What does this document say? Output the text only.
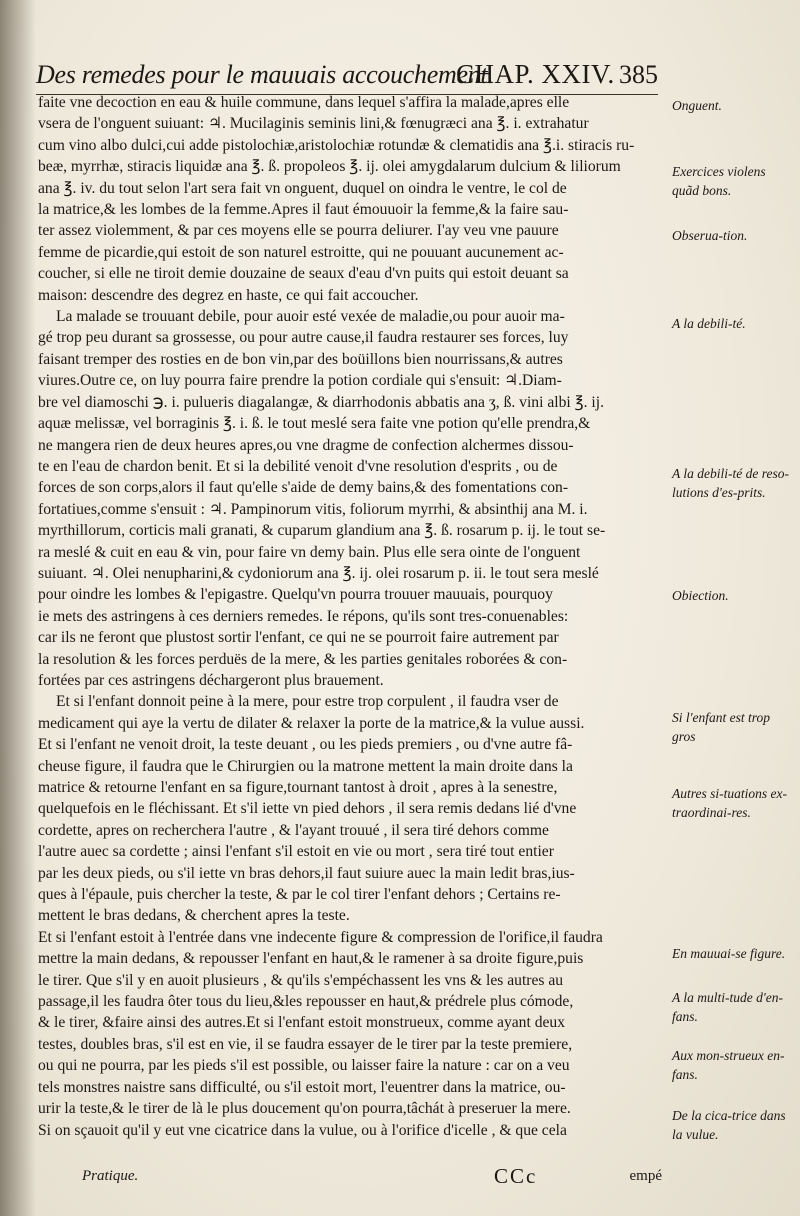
Des remedes pour le mauuais accouchement.
CHAP. XXIV. 385
faite vne decoction en eau & huile commune, dans lequel s'affira la malade,apres elle
vsera de l'onguent suiuant: ♃. Mucilaginis seminis lini,& fœnugræci ana ℥. i. extrahatur
cum vino albo dulci,cui adde pistolochiæ,aristolochiæ rotundæ & clematidis ana ℥.i. stiracis ru-
beæ, myrrhæ, stiracis liquidæ ana ℥. ß. propoleos ℥. ij. olei amygdalarum dulcium & liliorum
ana ℥. iv. du tout selon l'art sera fait vn onguent, duquel on oindra le ventre, le col de
la matrice,& les lombes de la femme.Apres il faut émouuoir la femme,& la faire sau-
ter assez violemment, & par ces moyens elle se pourra deliurer. I'ay veu vne pauure
femme de picardie,qui estoit de son naturel estroitte, qui ne pouuant aucunement ac-
coucher, si elle ne tiroit demie douzaine de seaux d'eau d'vn puits qui estoit deuant sa
maison: descendre des degrez en haste, ce qui fait accoucher.
La malade se trouuant debile, pour auoir esté vexée de maladie,ou pour auoir ma-
gé trop peu durant sa grossesse, ou pour autre cause,il faudra restaurer ses forces, luy
faisant tremper des rosties en de bon vin,par des boüillons bien nourrissans,& autres
viures.Outre ce, on luy pourra faire prendre la potion cordiale qui s'ensuit: ♃.Diam-
bre vel diamoschi ℈. i. pulueris diagalangæ, & diarrhodonis abbatis ana ʒ, ß. vini albi ℥. ij.
aquæ melissæ, vel borraginis ℥. i. ß. le tout meslé sera faite vne potion qu'elle prendra,&
ne mangera rien de deux heures apres,ou vne dragme de confection alchermes dissou-
te en l'eau de chardon benit. Et si la debilité venoit d'vne resolution d'esprits , ou de
forces de son corps,alors il faut qu'elle s'aide de demy bains,& des fomentations con-
fortatiues,comme s'ensuit : ♃. Pampinorum vitis, foliorum myrrhi, & absinthij ana M. i.
myrthillorum, corticis mali granati, & cuparum glandium ana ℥. ß. rosarum p. ij. le tout se-
ra meslé & cuit en eau & vin, pour faire vn demy bain. Plus elle sera ointe de l'onguent
suiuant. ♃. Olei nenupharini,& cydoniorum ana ℥. ij. olei rosarum p. ii. le tout sera meslé
pour oindre les lombes & l'epigastre. Quelqu'vn pourra trouuer mauuais, pourquoy
ie mets des astringens à ces derniers remedes. Ie répons, qu'ils sont tres-conuenables:
car ils ne feront que plustost sortir l'enfant, ce qui ne se pourroit faire autrement par
la resolution & les forces perduës de la mere, & les parties genitales roborées & con-
fortées par ces astringens déchargeront plus brauement.
Et si l'enfant donnoit peine à la mere, pour estre trop corpulent , il faudra vser de
medicament qui aye la vertu de dilater & relaxer la porte de la matrice,& la vulue aussi.
Et si l'enfant ne venoit droit, la teste deuant , ou les pieds premiers , ou d'vne autre fâ-
cheuse figure, il faudra que le Chirurgien ou la matrone mettent la main droite dans la
matrice & retourne l'enfant en sa figure,tournant tantost à droit , apres à la senestre,
quelquefois en le fléchissant. Et s'il iette vn pied dehors , il sera remis dedans lié d'vne
cordette, apres on recherchera l'autre , & l'ayant trouué , il sera tiré dehors comme
l'autre auec sa cordette ; ainsi l'enfant s'il estoit en vie ou mort , sera tiré tout entier
par les deux pieds, ou s'il iette vn bras dehors,il faut suiure auec la main ledit bras,ius-
ques à l'épaule, puis chercher la teste, & par le col tirer l'enfant dehors ; Certains re-
mettent le bras dedans, & cherchent apres la teste.
Et si l'enfant estoit à l'entrée dans vne indecente figure & compression de l'orifice,il faudra
mettre la main dedans, & repousser l'enfant en haut,& le ramener à sa droite figure,puis
le tirer. Que s'il y en auoit plusieurs , & qu'ils s'empéchassent les vns & les autres au
passage,il les faudra ôter tous du lieu,&les repousser en haut,& prédrele plus cómode,
& le tirer, &faire ainsi des autres.Et si l'enfant estoit monstrueux, comme ayant deux
testes, doubles bras, s'il est en vie, il se faudra essayer de le tirer par la teste premiere,
ou qui ne pourra, par les pieds s'il est possible, ou laisser faire la nature : car on a veu
tels monstres naistre sans difficulté, ou s'il estoit mort, l'euentrer dans la matrice, ou-
urir la teste,& le tirer de là le plus doucement qu'on pourra,tâchát à preseruer la mere.
Si on sçauoit qu'il y eut vne cicatrice dans la vulue, ou à l'orifice d'icelle , & que cela
Onguent.
Exercices violens quãd bons.
Obserua-tion.
A la debili-té.
A la debili-té de reso-lutions d'es-prits.
Obiection.
Si l'enfant est trop gros
Autres si-tuations ex-traordinai-res.
En mauuai-se figure.
A la multi-tude d'en-fans.
Aux mon-strueux en-fans.
De la cica-trice dans la vulue.
Pratique.	CCc	empé
